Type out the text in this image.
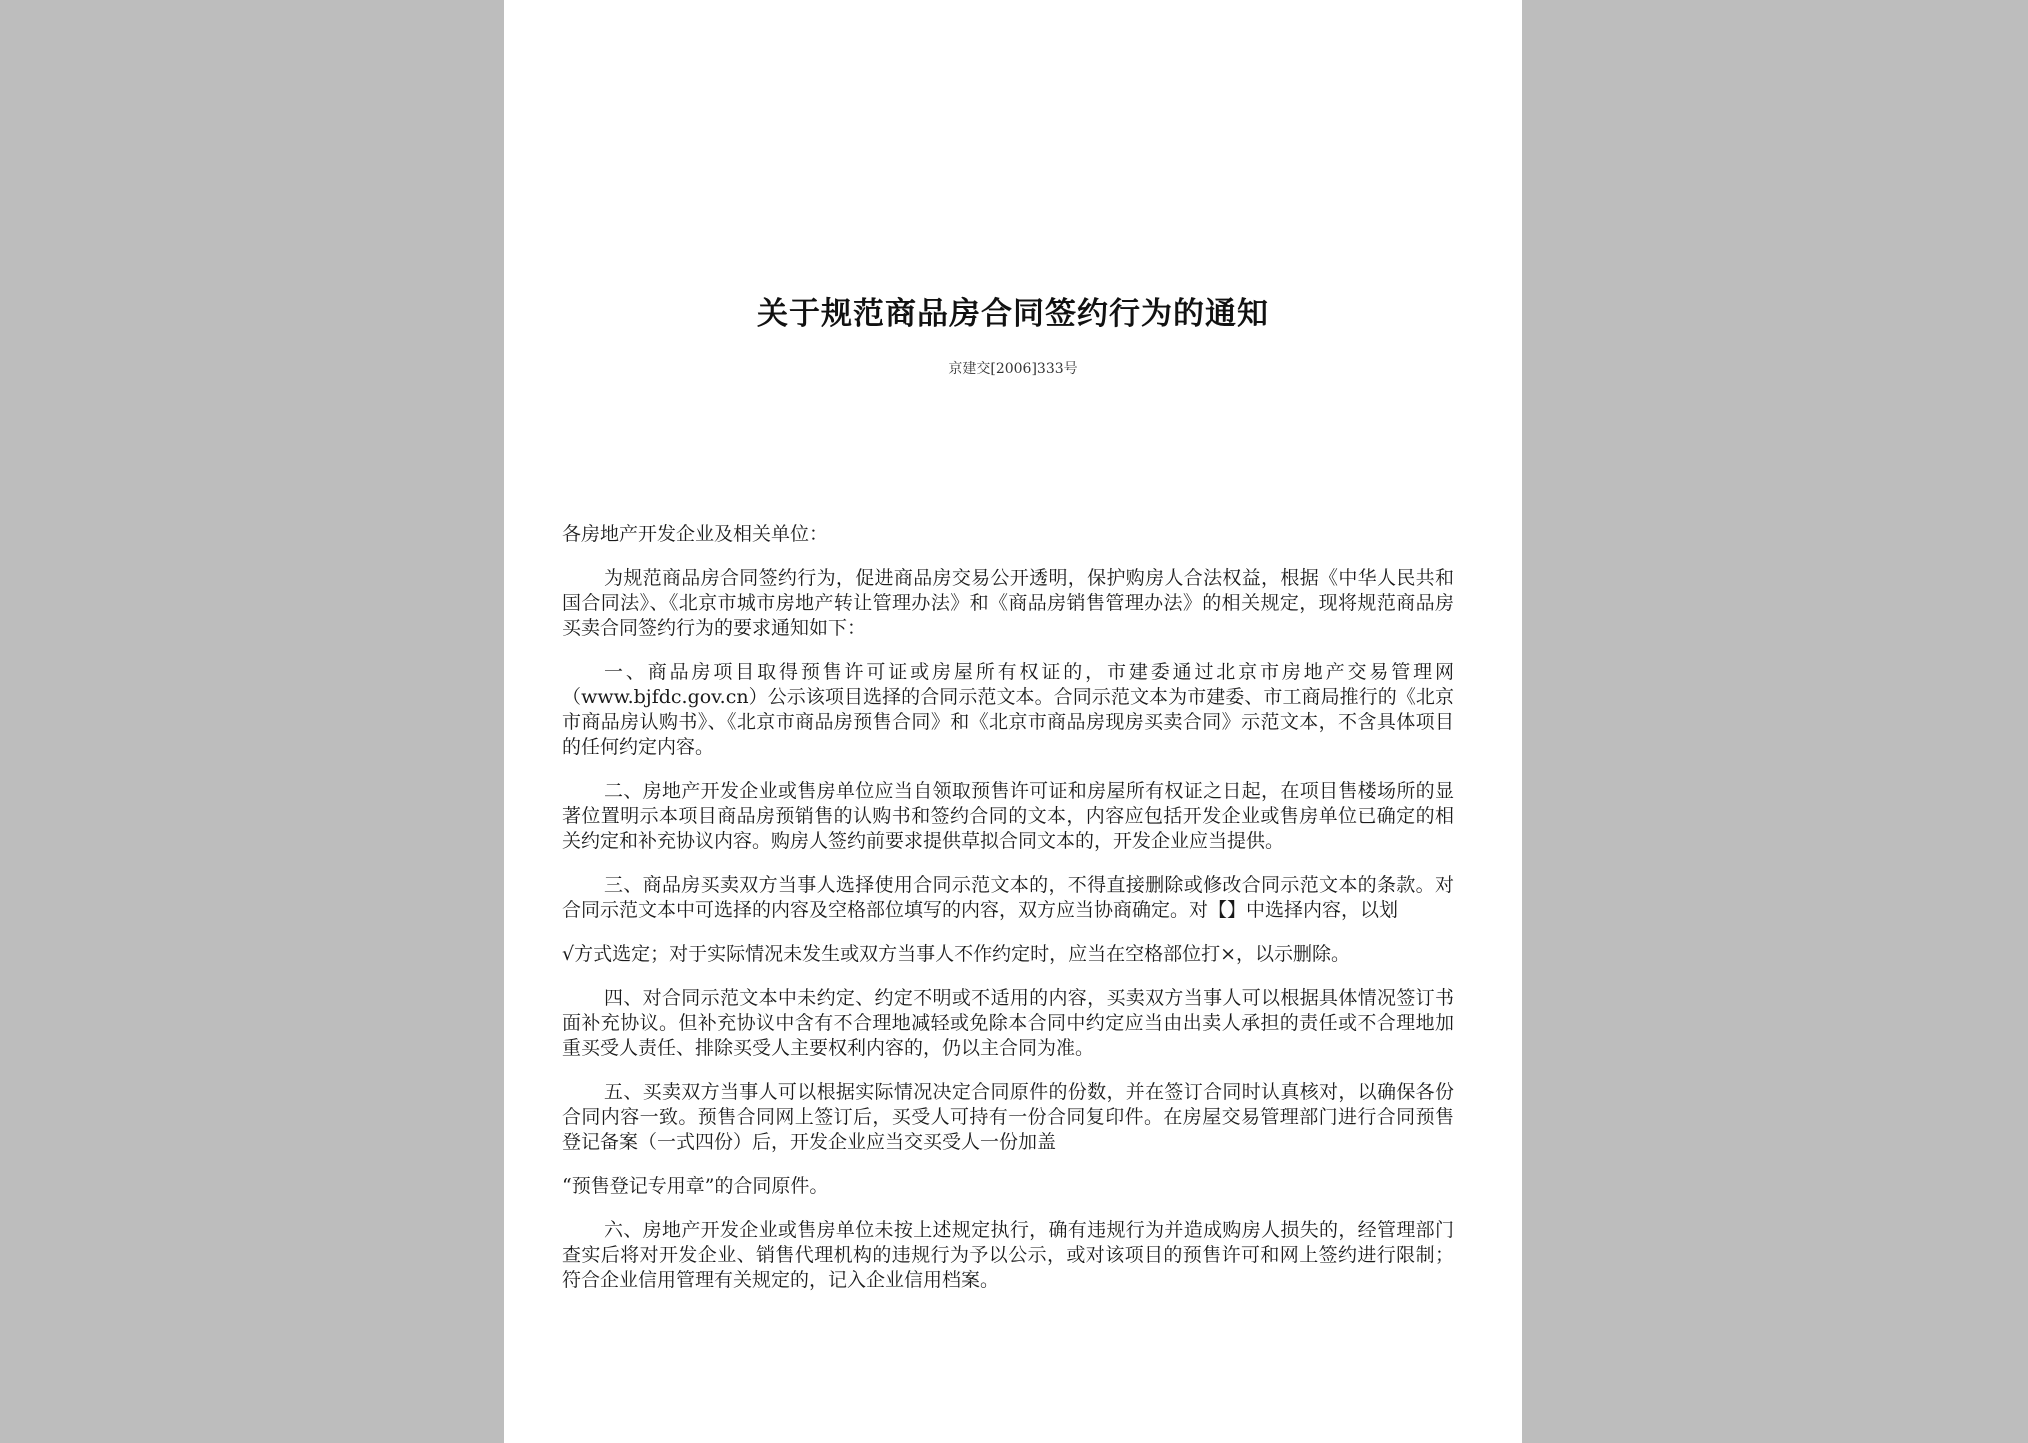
关于规范商品房合同签约行为的通知
京建交[2006]333号

各房地产开发企业及相关单位：

为规范商品房合同签约行为，促进商品房交易公开透明，保护购房人合法权益，根据《中华人民共和国合同法》、《北京市城市房地产转让管理办法》和《商品房销售管理办法》的相关规定，现将规范商品房买卖合同签约行为的要求通知如下：

一、商品房项目取得预售许可证或房屋所有权证的，市建委通过北京市房地产交易管理网（www.bjfdc.gov.cn）公示该项目选择的合同示范文本。合同示范文本为市建委、市工商局推行的《北京市商品房认购书》、《北京市商品房预售合同》和《北京市商品房现房买卖合同》示范文本，不含具体项目的任何约定内容。

二、房地产开发企业或售房单位应当自领取预售许可证和房屋所有权证之日起，在项目售楼场所的显著位置明示本项目商品房预销售的认购书和签约合同的文本，内容应包括开发企业或售房单位已确定的相关约定和补充协议内容。购房人签约前要求提供草拟合同文本的，开发企业应当提供。

三、商品房买卖双方当事人选择使用合同示范文本的，不得直接删除或修改合同示范文本的条款。对合同示范文本中可选择的内容及空格部位填写的内容，双方应当协商确定。对【】中选择内容，以划

√方式选定；对于实际情况未发生或双方当事人不作约定时，应当在空格部位打×，以示删除。

四、对合同示范文本中未约定、约定不明或不适用的内容，买卖双方当事人可以根据具体情况签订书面补充协议。但补充协议中含有不合理地减轻或免除本合同中约定应当由出卖人承担的责任或不合理地加重买受人责任、排除买受人主要权利内容的，仍以主合同为准。

五、买卖双方当事人可以根据实际情况决定合同原件的份数，并在签订合同时认真核对，以确保各份合同内容一致。预售合同网上签订后，买受人可持有一份合同复印件。在房屋交易管理部门进行合同预售登记备案（一式四份）后，开发企业应当交买受人一份加盖

“预售登记专用章”的合同原件。

六、房地产开发企业或售房单位未按上述规定执行，确有违规行为并造成购房人损失的，经管理部门查实后将对开发企业、销售代理机构的违规行为予以公示，或对该项目的预售许可和网上签约进行限制；符合企业信用管理有关规定的，记入企业信用档案。
